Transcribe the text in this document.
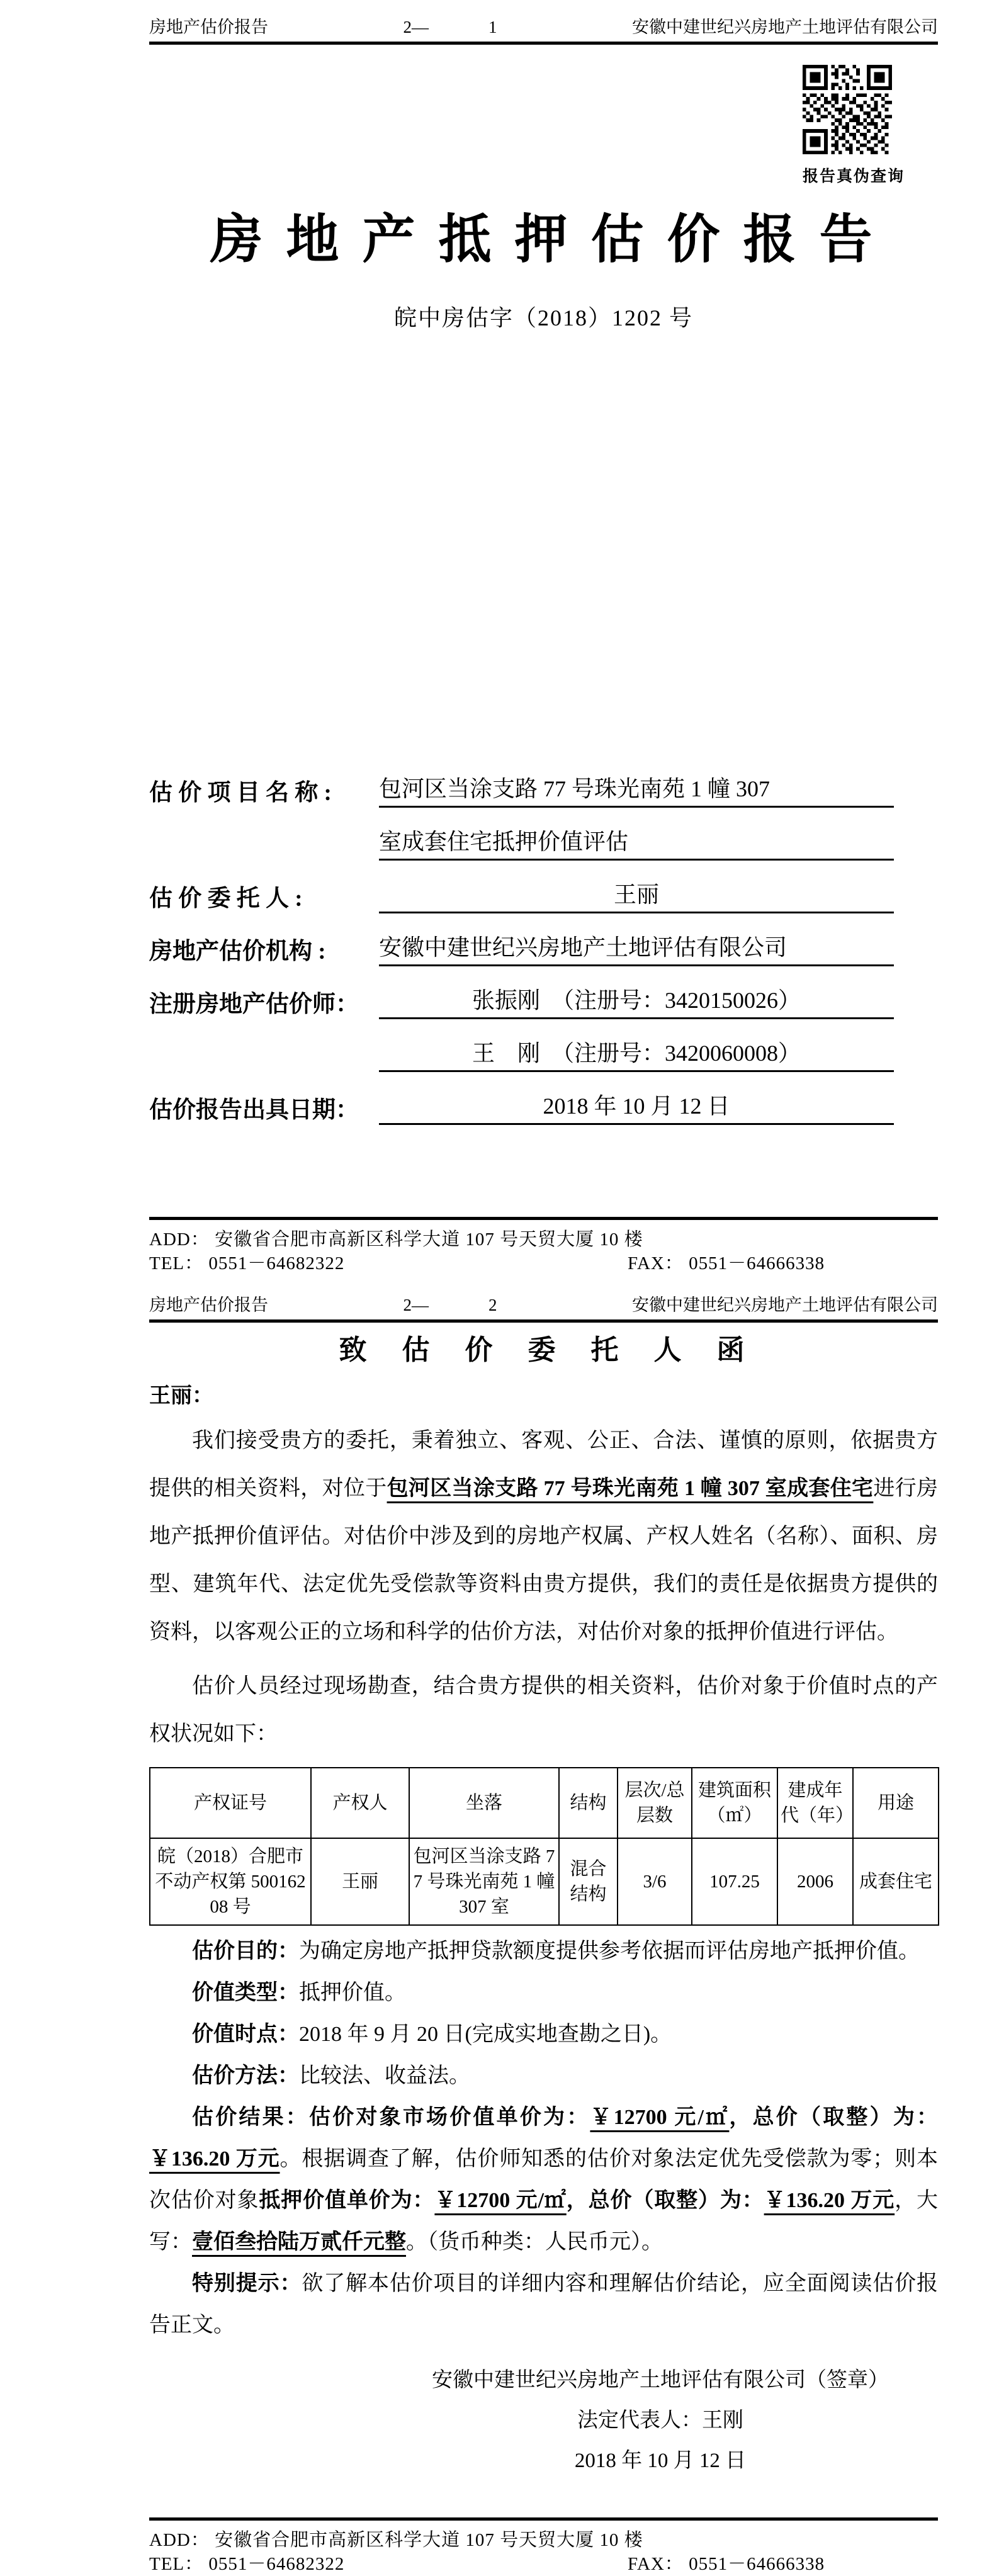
房地产估价报告	2—	1	安徽中建世纪兴房地产土地评估有限公司
报告真伪查询
房 地 产 抵 押 估 价 报 告
皖中房估字（2018）1202 号
估 价 项 目 名 称 :	包河区当涂支路 77 号珠光南苑 1 幢 307
室成套住宅抵押价值评估
估 价 委 托 人 :	王丽
房地产估价机构 :	安徽中建世纪兴房地产土地评估有限公司
注册房地产估价师：	张振刚　（注册号：3420150026）
王　刚　（注册号：3420060008）
估价报告出具日期：	2018 年 10 月 12 日
ADD： 安徽省合肥市高新区科学大道 107 号天贸大厦 10 楼
TEL： 0551－64682322	FAX： 0551－64666338
房地产估价报告	2—	2	安徽中建世纪兴房地产土地评估有限公司
致　估　价　委　托　人　函
王丽：

我们接受贵方的委托，秉着独立、客观、公正、合法、谨慎的原则，依据贵方提供的相关资料，对位于包河区当涂支路 77 号珠光南苑 1 幢 307 室成套住宅进行房地产抵押价值评估。对估价中涉及到的房地产权属、产权人姓名（名称）、面积、房型、建筑年代、法定优先受偿款等资料由贵方提供，我们的责任是依据贵方提供的资料，以客观公正的立场和科学的估价方法，对估价对象的抵押价值进行评估。

估价人员经过现场勘查，结合贵方提供的相关资料，估价对象于价值时点的产权状况如下：

产权证号	产权人	坐落	结构	层次/总层数	建筑面积（㎡）	建成年代（年）	用途
皖（2018）合肥市不动产权第 50016208 号	王丽	包河区当涂支路 77 号珠光南苑 1 幢 307 室	混合结构	3/6	107.25	2006	成套住宅

估价目的：为确定房地产抵押贷款额度提供参考依据而评估房地产抵押价值。

价值类型：抵押价值。

价值时点：2018 年 9 月 20 日(完成实地查勘之日)。

估价方法：比较法、收益法。

估价结果：估价对象市场价值单价为：￥12700 元/㎡，总价（取整）为：￥136.20 万元。根据调查了解，估价师知悉的估价对象法定优先受偿款为零；则本次估价对象抵押价值单价为：￥12700 元/㎡，总价（取整）为：￥136.20 万元，大写：壹佰叁拾陆万贰仟元整。（货币种类：人民币元）。

特别提示：欲了解本估价项目的详细内容和理解估价结论，应全面阅读估价报告正文。

安徽中建世纪兴房地产土地评估有限公司（签章）
法定代表人：王刚
2018 年 10 月 12 日
ADD： 安徽省合肥市高新区科学大道 107 号天贸大厦 10 楼
TEL： 0551－64682322	FAX： 0551－64666338
